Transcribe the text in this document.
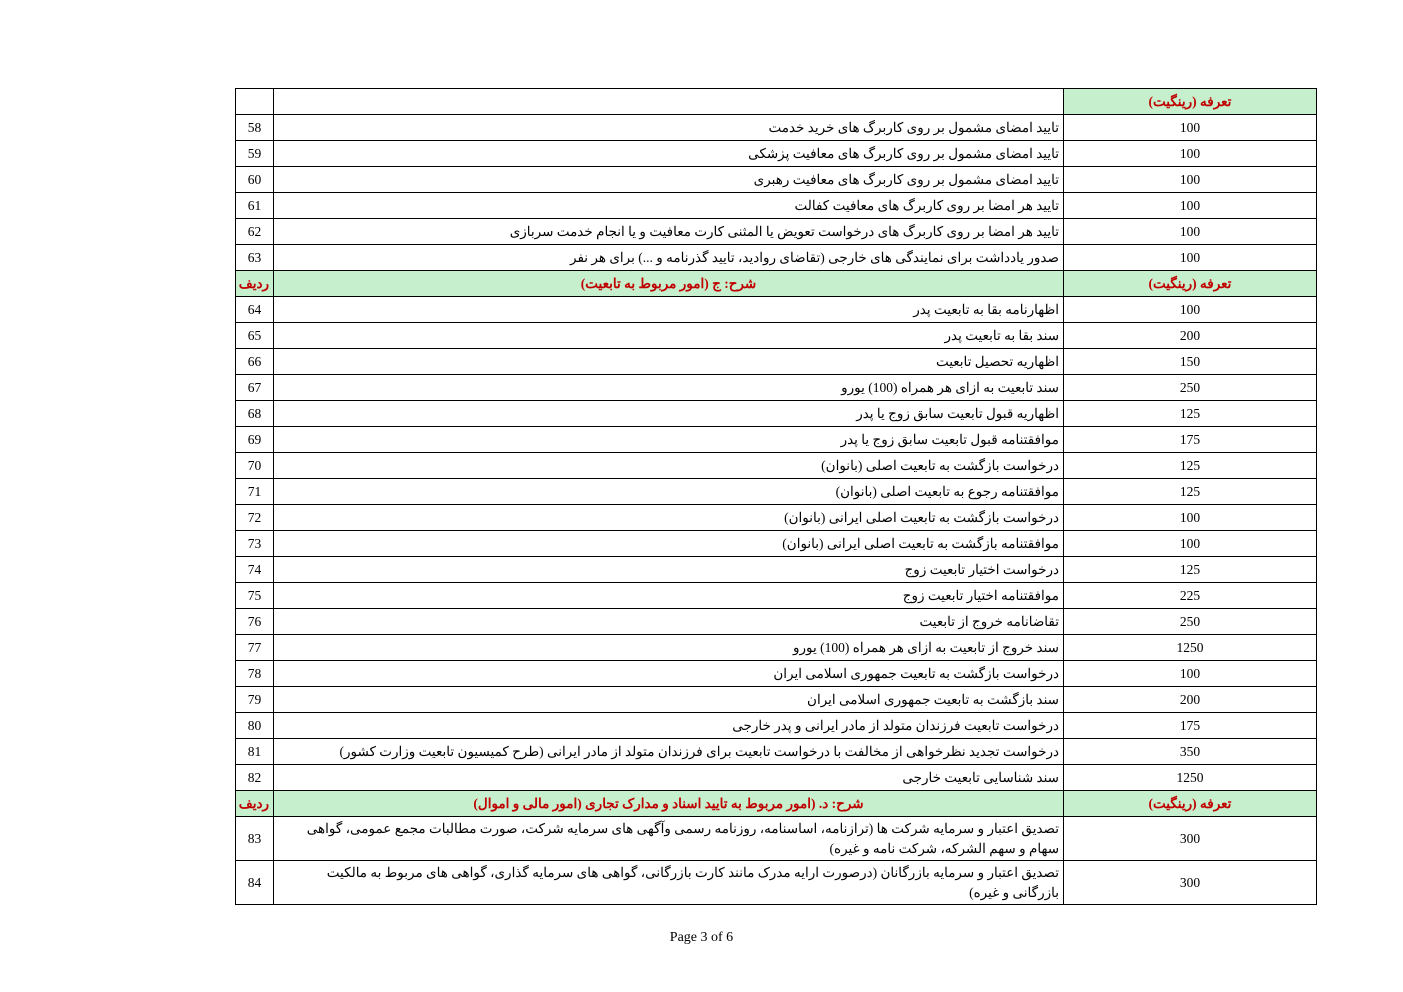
تعرفه (رینگیت)		
100	تایید امضای مشمول بر روی کاربرگ های خرید خدمت	58
100	تایید امضای مشمول بر روی کاربرگ های معافیت پزشکی	59
100	تایید امضای مشمول بر روی کاربرگ های معافیت رهبری	60
100	تایید هر امضا بر روی کاربرگ های معافیت کفالت	61
100	تایید هر امضا بر روی کاربرگ های درخواست تعویض یا المثنی کارت معافیت و یا انجام خدمت سربازی	62
100	صدور یادداشت برای نمایندگی های خارجی (تقاضای روادید، تایید گذرنامه و ...) برای هر نفر	63
تعرفه (رینگیت)	شرح: ج (امور مربوط به تابعیت)	ردیف
100	اظهارنامه بقا به تابعیت پدر	64
200	سند بقا به تابعیت پدر	65
150	اظهاریه تحصیل تابعیت	66
250	سند تابعیت به ازای هر همراه (100) یورو	67
125	اظهاریه قبول تابعیت سابق زوج یا پدر	68
175	موافقتنامه قبول تابعیت سابق زوج یا پدر	69
125	درخواست بازگشت به تابعیت اصلی (بانوان)	70
125	موافقتنامه رجوع به تابعیت اصلی (بانوان)	71
100	درخواست بازگشت به تابعیت اصلی ایرانی (بانوان)	72
100	موافقتنامه بازگشت به تابعیت اصلی ایرانی (بانوان)	73
125	درخواست اختیار تابعیت زوج	74
225	موافقتنامه اختیار تابعیت زوج	75
250	تقاضانامه خروج از تابعیت	76
1250	سند خروج از تابعیت به ازای هر همراه (100) یورو	77
100	درخواست بازگشت به تابعیت جمهوری اسلامی ایران	78
200	سند بازگشت به تابعیت جمهوری اسلامی ایران	79
175	درخواست تابعیت فرزندان متولد از مادر ایرانی و پدر خارجی	80
350	درخواست تجدید نظرخواهی از مخالفت با درخواست تابعیت برای فرزندان متولد از مادر ایرانی (طرح کمیسیون تابعیت وزارت کشور)	81
1250	سند شناسایی تابعیت خارجی	82
تعرفه (رینگیت)	شرح: د. (امور مربوط به تایید اسناد و مدارک تجاری (امور مالی و اموال)	ردیف
300	تصدیق اعتبار و سرمایه شرکت ها (ترازنامه، اساسنامه، روزنامه رسمی وآگهی های سرمایه شرکت، صورت مطالبات مجمع عمومی، گواهی سهام و سهم الشرکه، شرکت نامه و غیره)	83
300	تصدیق اعتبار و سرمایه بازرگانان (درصورت ارایه مدرک مانند کارت بازرگانی، گواهی های سرمایه گذاری، گواهی های مربوط به مالکیت بازرگانی و غیره)	84
Page 3 of 6
